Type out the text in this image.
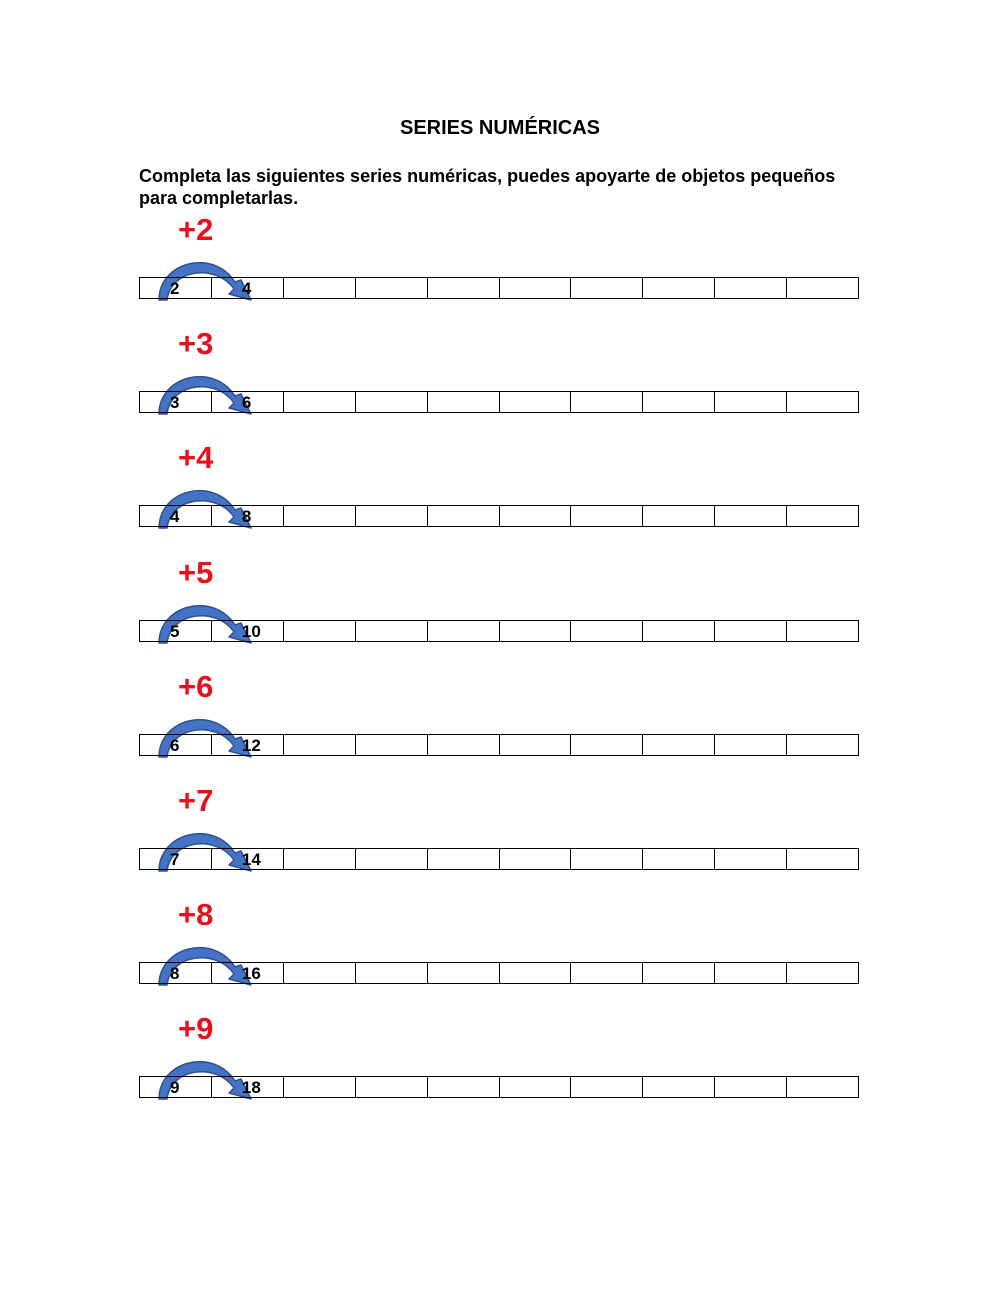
SERIES NUMÉRICAS
Completa las siguientes series numéricas, puedes apoyarte de objetos pequeños para completarlas.
+2
2	4
+3
3	6
+4
4	8
+5
5	10
+6
6	12
+7
7	14
+8
8	16
+9
9	18
